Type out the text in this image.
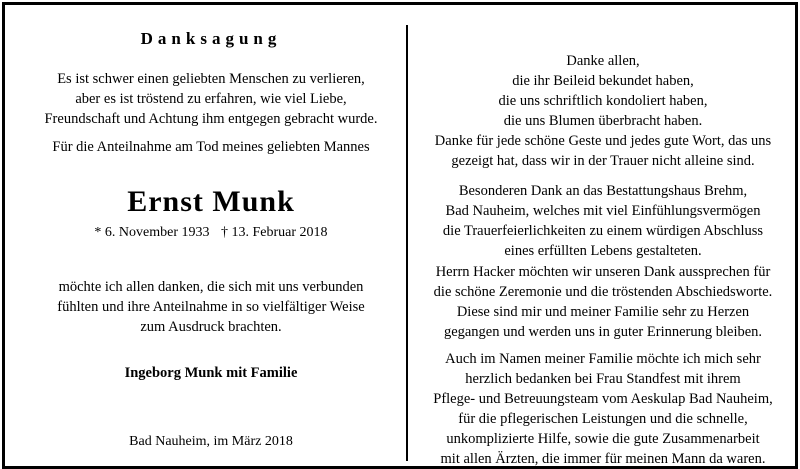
Danksagung
Es ist schwer einen geliebten Menschen zu verlieren,
aber es ist tröstend zu erfahren, wie viel Liebe,
Freundschaft und Achtung ihm entgegen gebracht wurde.
Für die Anteilnahme am Tod meines geliebten Mannes
Ernst Munk
* 6. November 1933 † 13. Februar 2018
möchte ich allen danken, die sich mit uns verbunden
fühlten und ihre Anteilnahme in so vielfältiger Weise
zum Ausdruck brachten.
Ingeborg Munk mit Familie
Bad Nauheim, im März 2018
Danke allen,
die ihr Beileid bekundet haben,
die uns schriftlich kondoliert haben,
die uns Blumen überbracht haben.
Danke für jede schöne Geste und jedes gute Wort, das uns
gezeigt hat, dass wir in der Trauer nicht alleine sind.
Besonderen Dank an das Bestattungshaus Brehm,
Bad Nauheim, welches mit viel Einfühlungsvermögen
die Trauerfeierlichkeiten zu einem würdigen Abschluss
eines erfüllten Lebens gestalteten.
Herrn Hacker möchten wir unseren Dank aussprechen für
die schöne Zeremonie und die tröstenden Abschiedsworte.
Diese sind mir und meiner Familie sehr zu Herzen
gegangen und werden uns in guter Erinnerung bleiben.
Auch im Namen meiner Familie möchte ich mich sehr
herzlich bedanken bei Frau Standfest mit ihrem
Pflege- und Betreuungsteam vom Aeskulap Bad Nauheim,
für die pflegerischen Leistungen und die schnelle,
unkomplizierte Hilfe, sowie die gute Zusammenarbeit
mit allen Ärzten, die immer für meinen Mann da waren.
